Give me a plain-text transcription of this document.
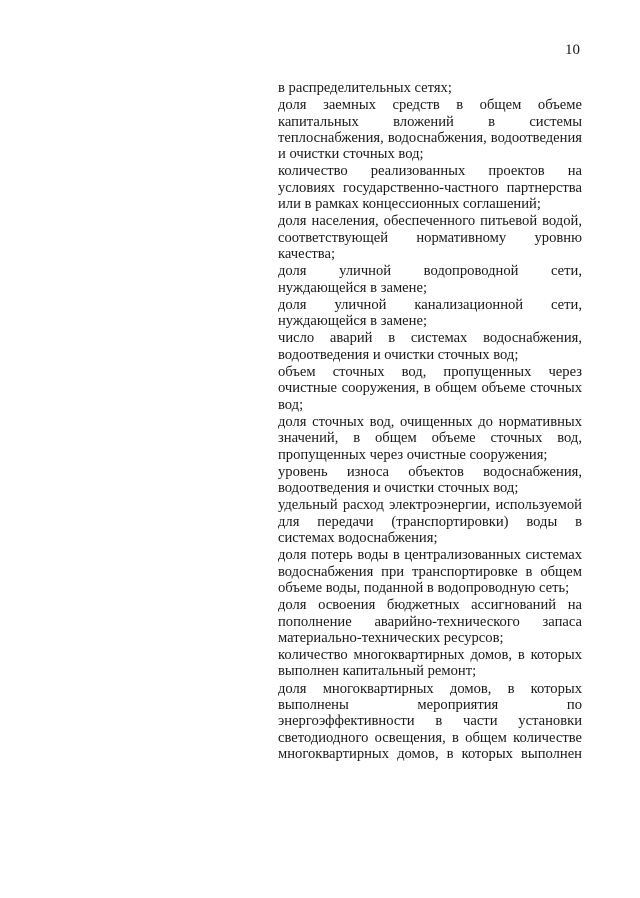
10

в распределительных сетях;

доля заемных средств в общем объеме капитальных вложений в системы теплоснабжения, водоснабжения, водоотведения и очистки сточных вод;

количество реализованных проектов на условиях государственно-частного партнерства или в рамках концессионных соглашений;

доля населения, обеспеченного питьевой водой, соответствующей нормативному уровню качества;

доля уличной водопроводной сети, нуждающейся в замене;

доля уличной канализационной сети, нуждающейся в замене;

число аварий в системах водоснабжения, водоотведения и очистки сточных вод;

объем сточных вод, пропущенных через очистные сооружения, в общем объеме сточных вод;

доля сточных вод, очищенных до нормативных значений, в общем объеме сточных вод, пропущенных через очистные сооружения;

уровень износа объектов водоснабжения, водоотведения и очистки сточных вод;

удельный расход электроэнергии, используемой для передачи (транспортировки) воды в системах водоснабжения;

доля потерь воды в централизованных системах водоснабжения при транспортировке в общем объеме воды, поданной в водопроводную сеть;

доля освоения бюджетных ассигнований на пополнение аварийно-технического запаса материально-технических ресурсов;

количество многоквартирных домов, в которых выполнен капитальный ремонт;

доля многоквартирных домов, в которых выполнены мероприятия по энергоэффективности в части установки светодиодного освещения, в общем количестве многоквартирных домов, в которых выполнен
